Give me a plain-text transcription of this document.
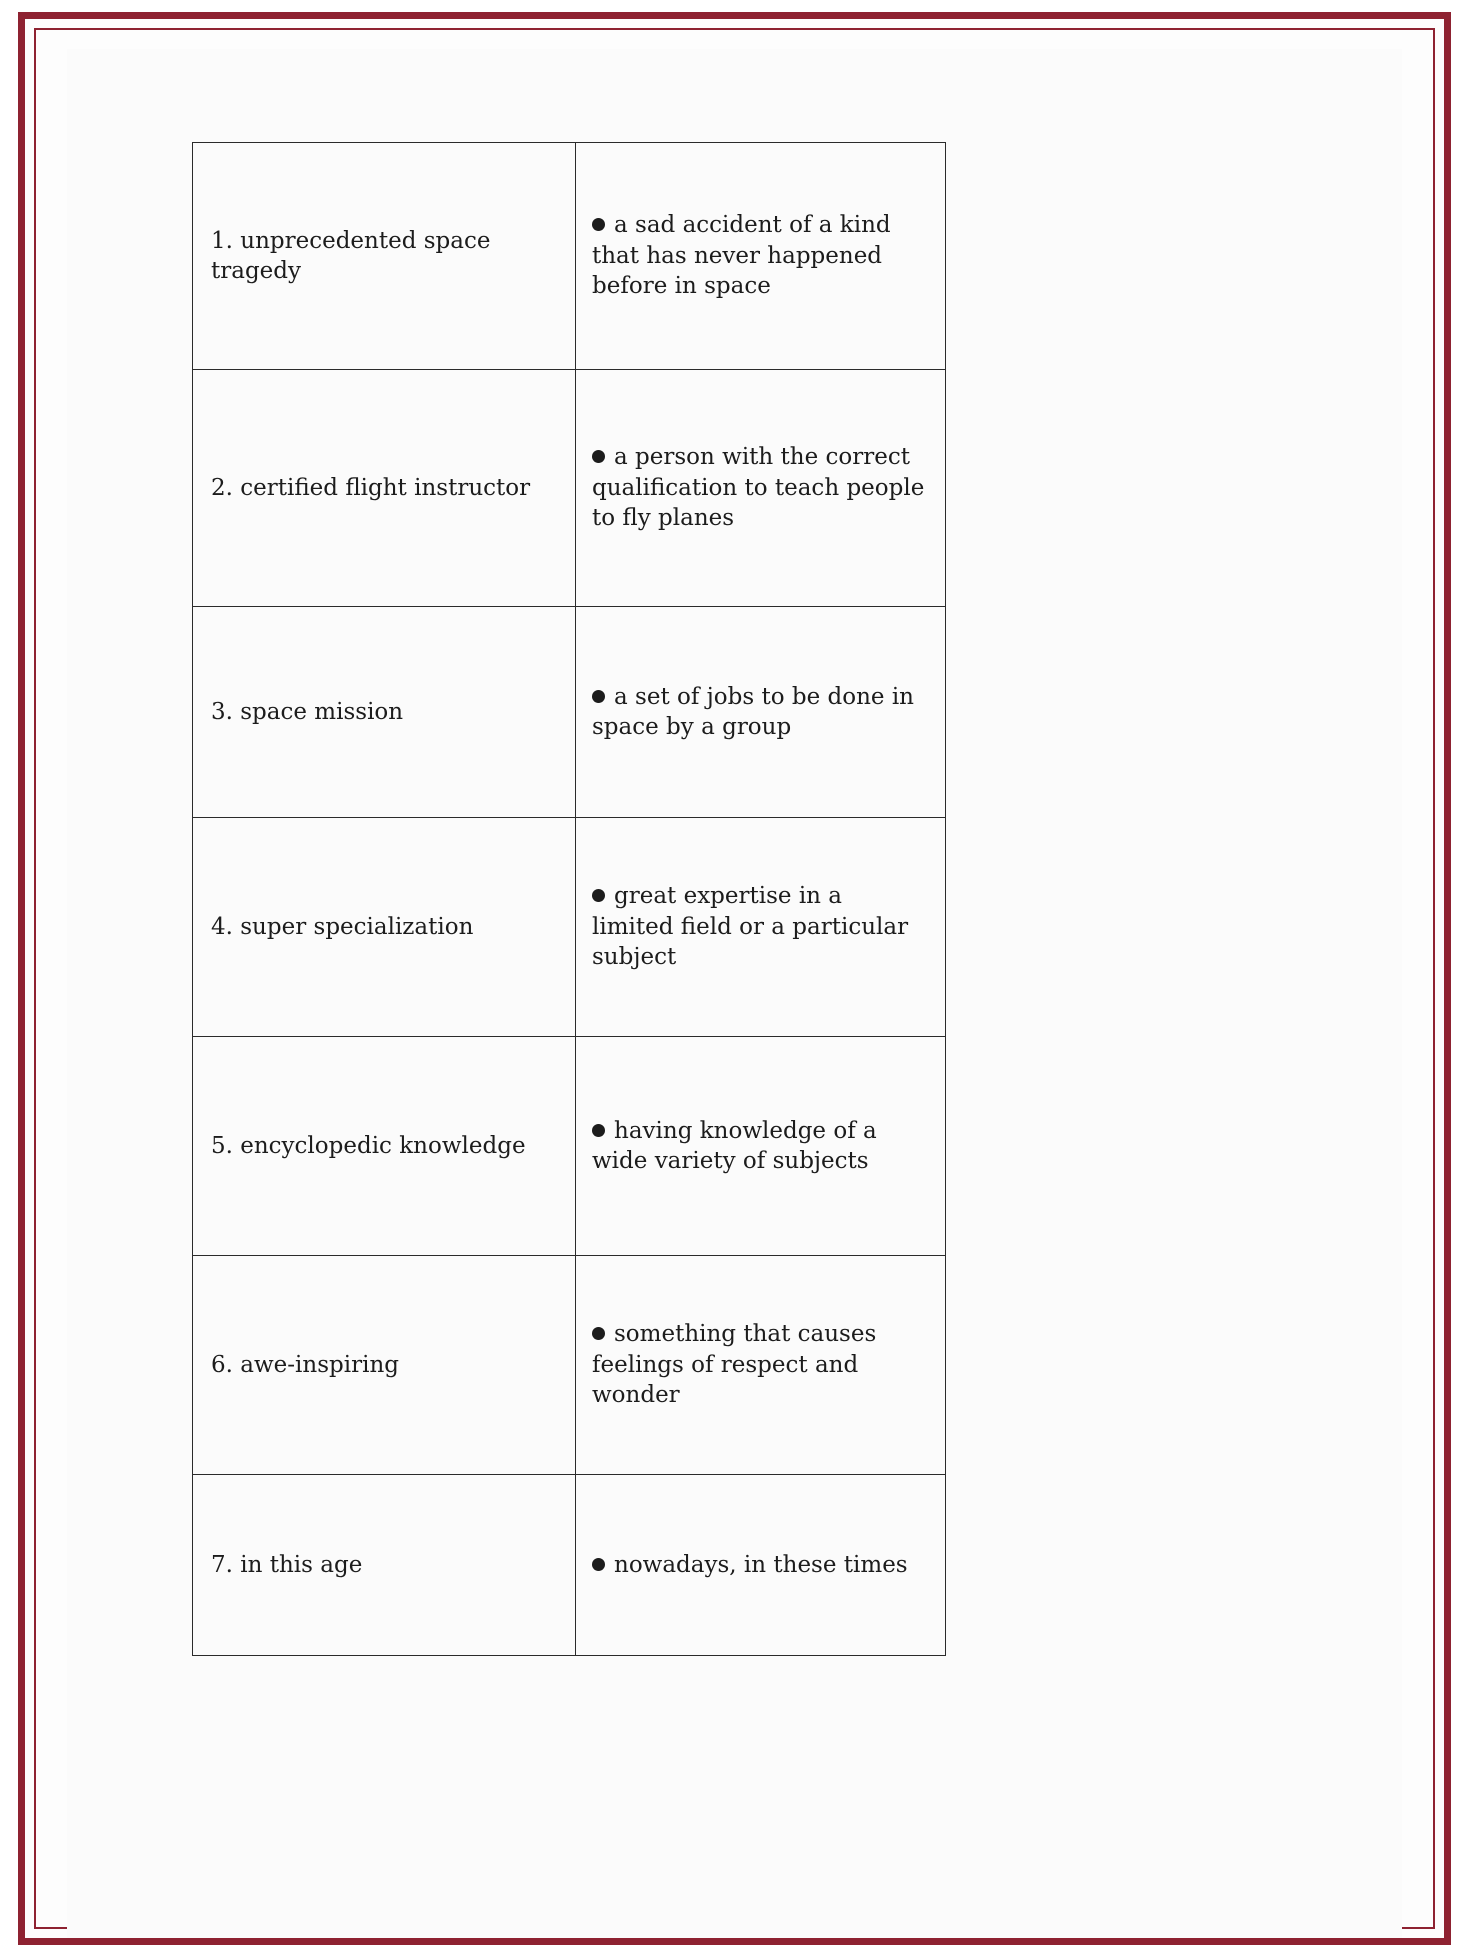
1. unprecedented space tragedy	a sad accident of a kind that has never happened before in space
2. certified flight instructor	a person with the correct qualification to teach people to fly planes
3. space mission	a set of jobs to be done in space by a group
4. super specialization	great expertise in a limited field or a particular subject
5. encyclopedic knowledge	having knowledge of a wide variety of subjects
6. awe-inspiring	something that causes feelings of respect and wonder
7. in this age	nowadays, in these times
